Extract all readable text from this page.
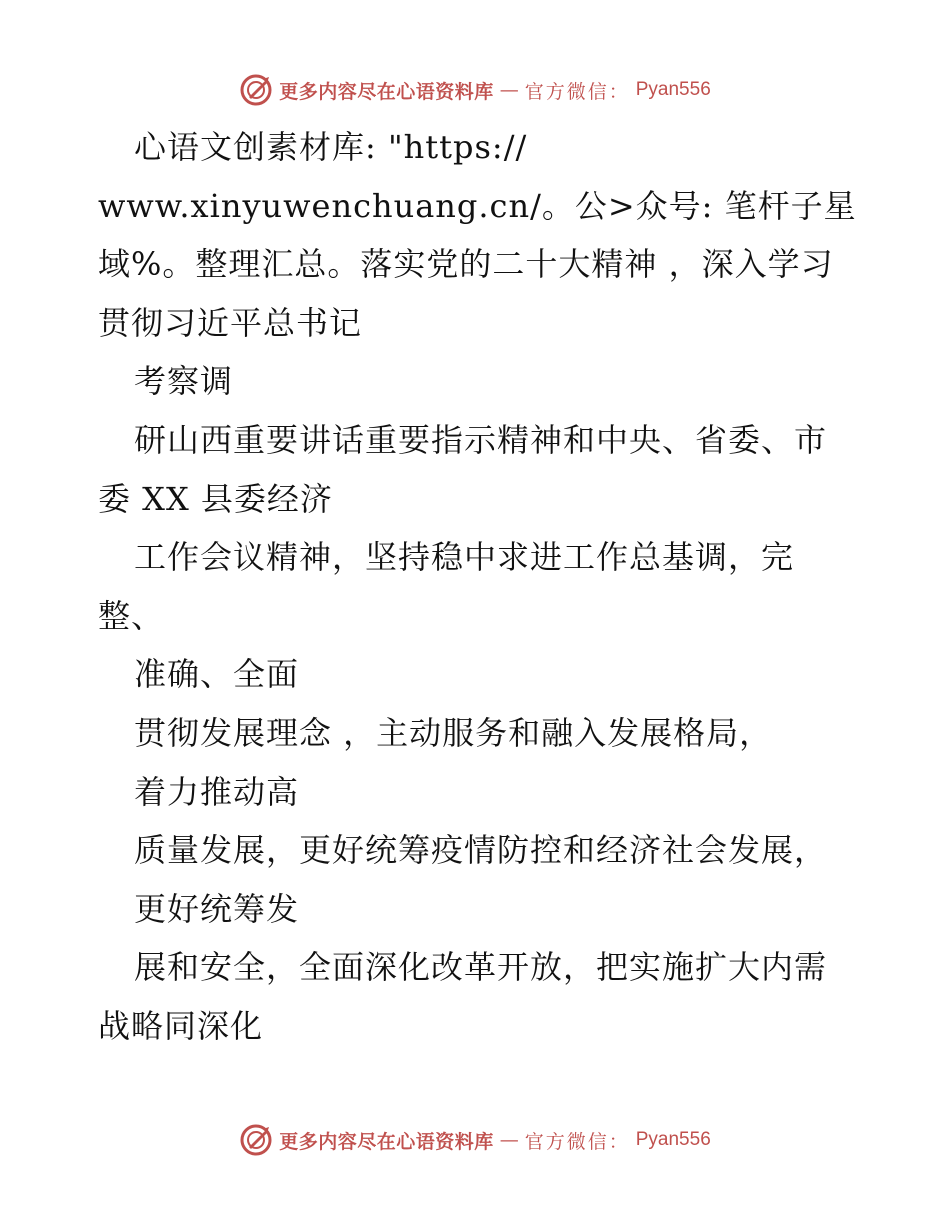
更多内容尽在心语资料库 — 官方微信： Pyan556
心语文创素材库: "https://
www.xinyuwenchuang.cn/。公>众号: 笔杆子星
域%。整理汇总。落实党的二十大精神 ，深入学习
贯彻习近平总书记
考察调
研山西重要讲话重要指示精神和中央、省委、市
委 XX 县委经济
工作会议精神，坚持稳中求进工作总基调，完
整、
准确、全面
贯彻发展理念 ，主动服务和融入发展格局，
着力推动高
质量发展，更好统筹疫情防控和经济社会发展，
更好统筹发
展和安全，全面深化改革开放，把实施扩大内需
战略同深化
更多内容尽在心语资料库 — 官方微信： Pyan556
